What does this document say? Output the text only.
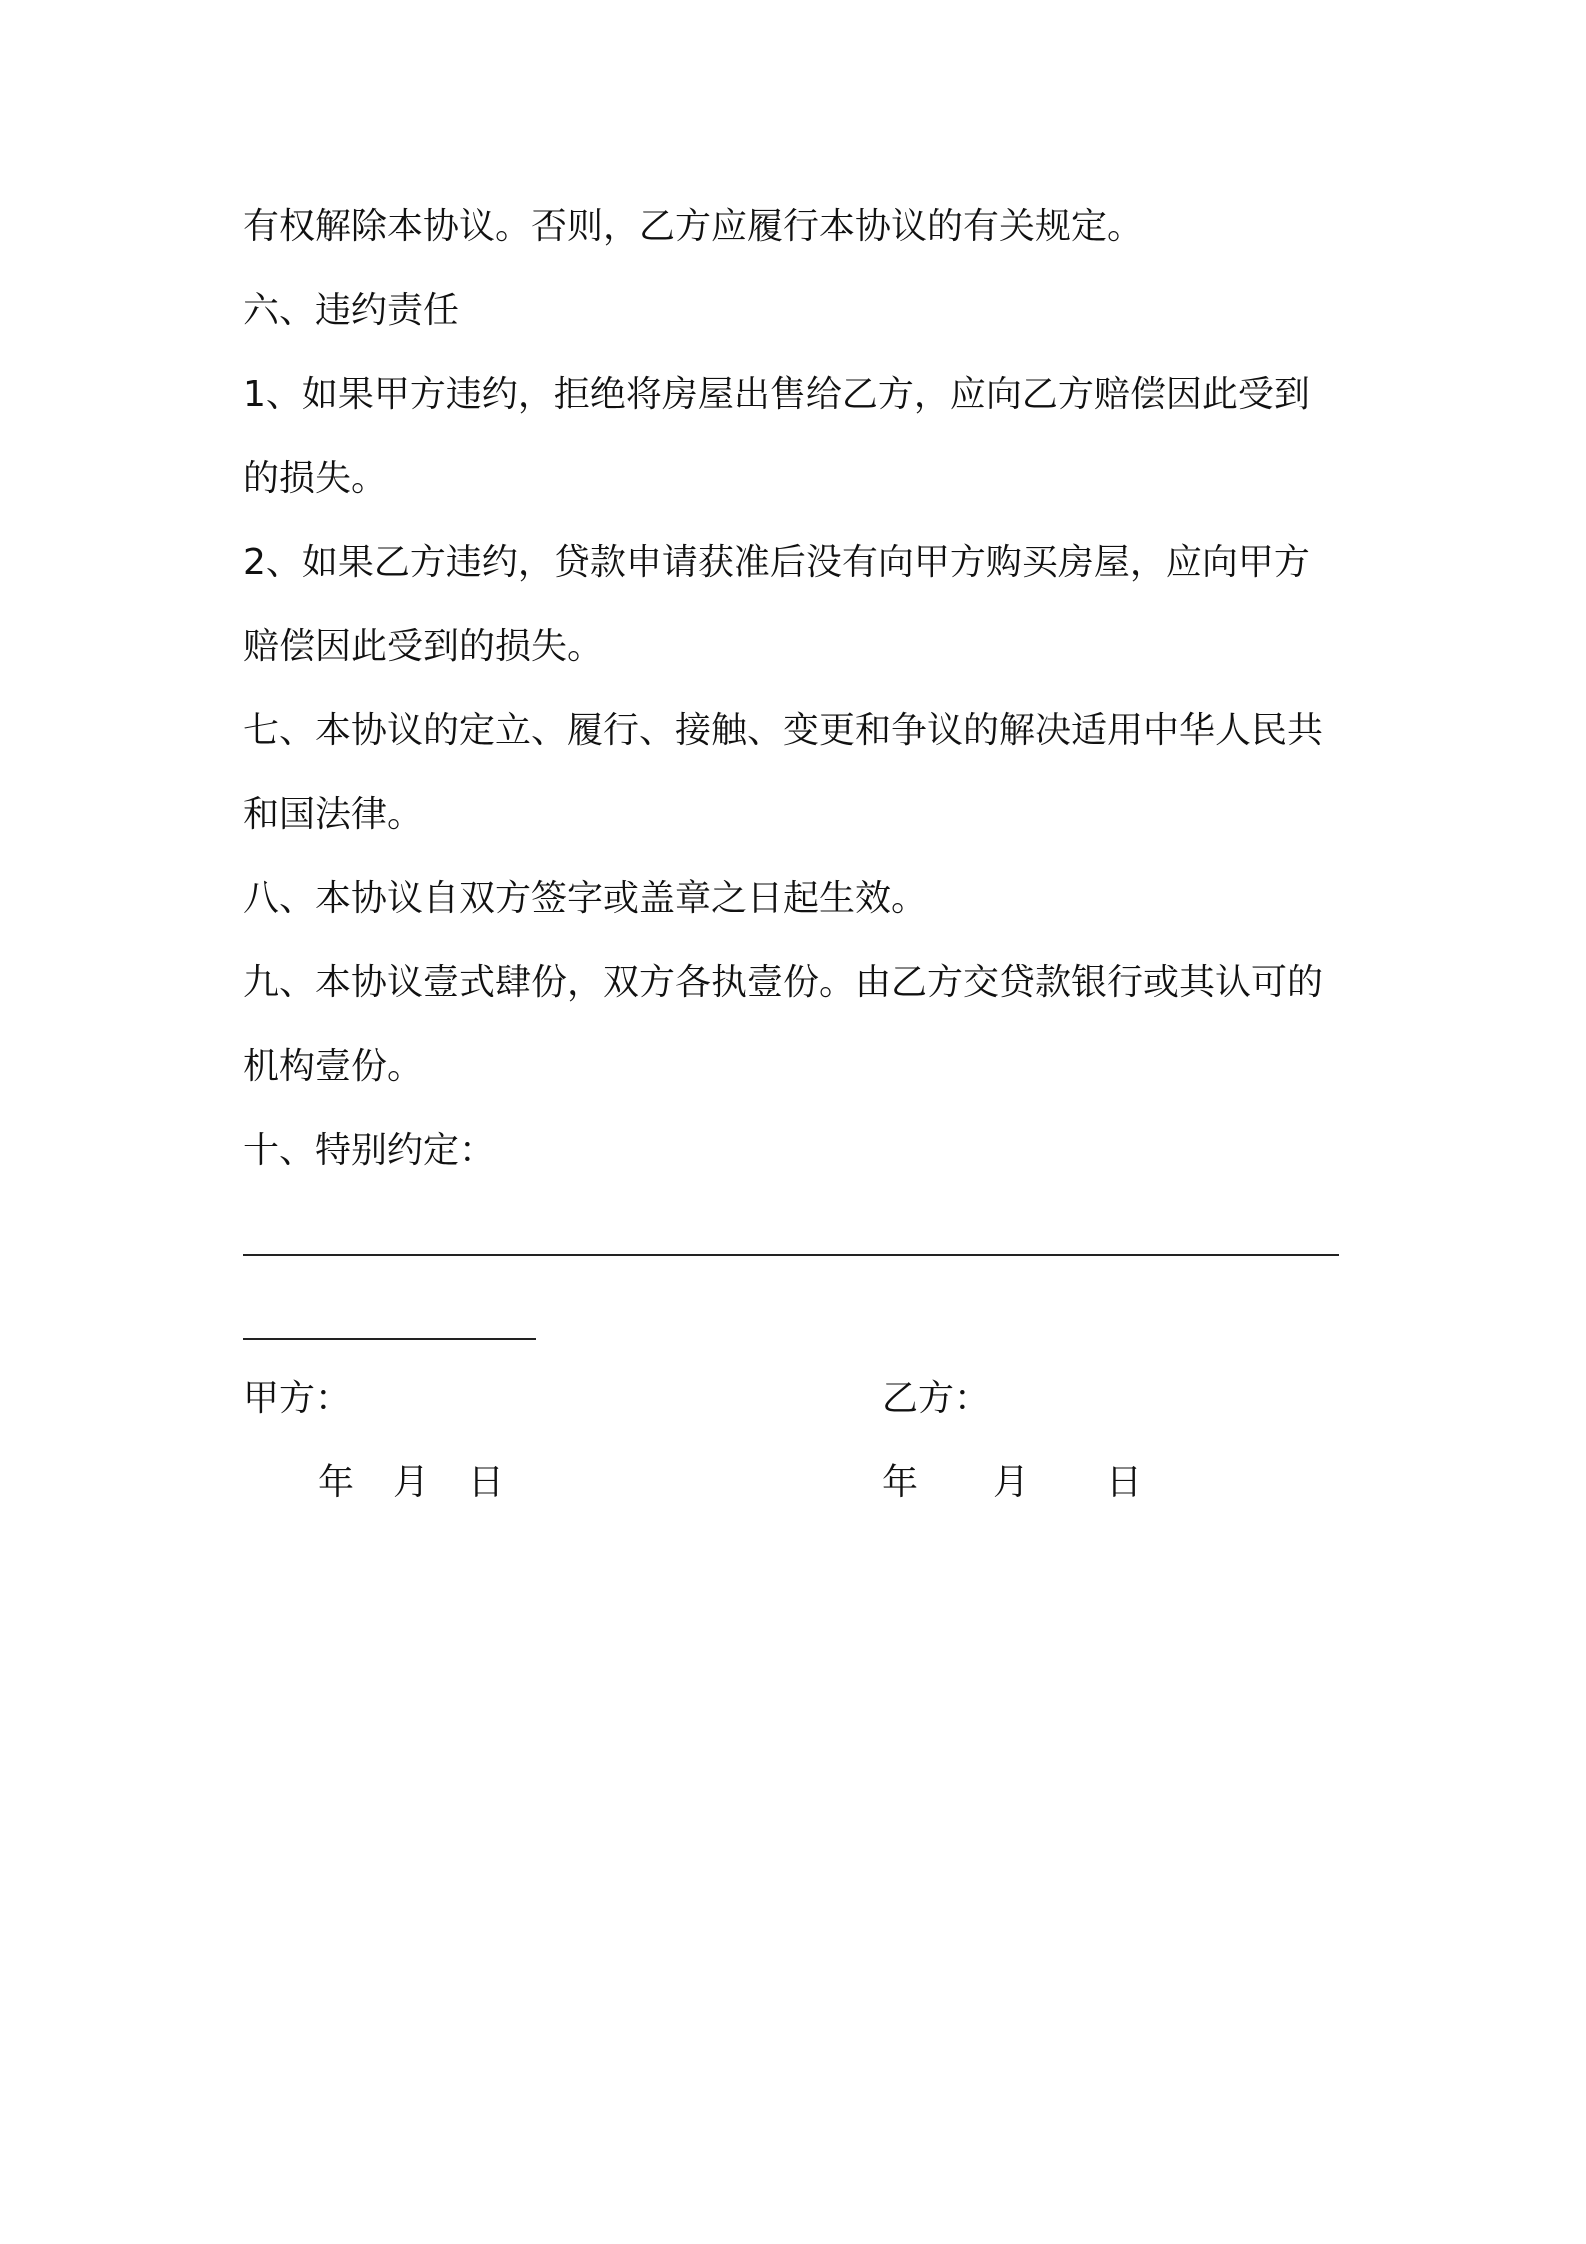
有权解除本协议。否则，乙方应履行本协议的有关规定。
六、违约责任
1、如果甲方违约，拒绝将房屋出售给乙方，应向乙方赔偿因此受到
的损失。
2、如果乙方违约，贷款申请获准后没有向甲方购买房屋，应向甲方
赔偿因此受到的损失。
七、本协议的定立、履行、接触、变更和争议的解决适用中华人民共
和国法律。
八、本协议自双方签字或盖章之日起生效。
九、本协议壹式肆份，双方各执壹份。由乙方交贷款银行或其认可的
机构壹份。
十、特别约定：
甲方：	乙方：
年 月 日	年 月 日
